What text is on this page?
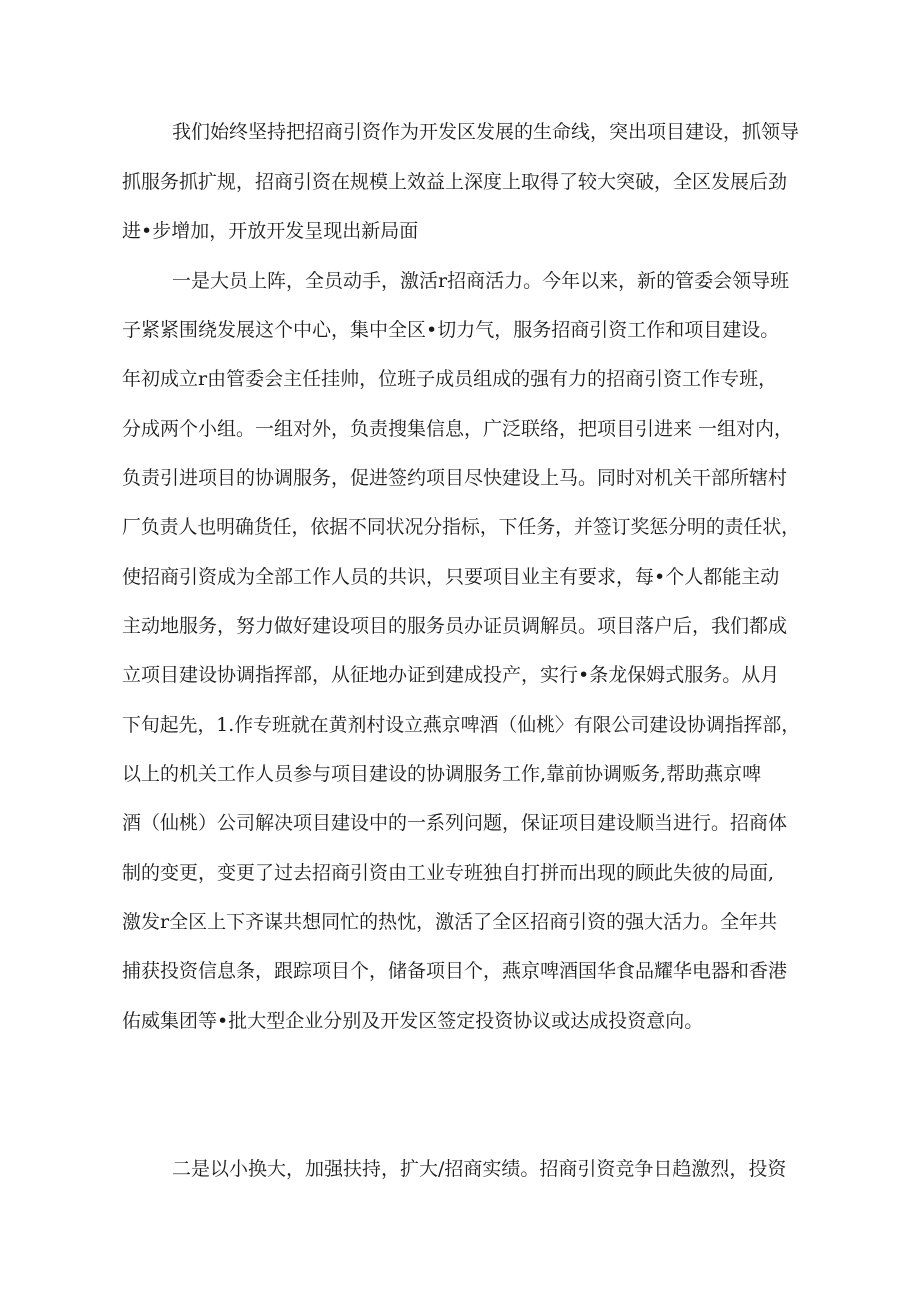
我们始终坚持把招商引资作为开发区发展的生命线，突出项目建设，抓领导
抓服务抓扩规，招商引资在规模上效益上深度上取得了较大突破，全区发展后劲
进•步增加，开放开发呈现出新局面
一是大员上阵，全员动手，激活r招商活力。今年以来，新的管委会领导班
子紧紧围绕发展这个中心，集中全区•切力气，服务招商引资工作和项目建设。
年初成立r由管委会主任挂帅，位班子成员组成的强有力的招商引资工作专班，
分成两个小组。一组对外，负责搜集信息，广泛联络，把项目引进来 一组对内，
负责引进项目的协调服务，促进签约项目尽快建设上马。同时对机关干部所辖村
厂负责人也明确货任，依据不同状况分指标，下任务，并签订奖惩分明的责任状，
使招商引资成为全部工作人员的共识，只要项目业主有要求，每•个人都能主动
主动地服务，努力做好建设项目的服务员办证员调解员。项目落户后，我们都成
立项目建设协调指挥部，从征地办证到建成投产，实行•条龙保姆式服务。从月
下旬起先，1.作专班就在黄剂村设立燕京啤酒（仙桃〉有限公司建设协调指挥部，
以上的机关工作人员参与项目建设的协调服务工作,靠前协调贩务,帮助燕京啤
酒（仙桃）公司解决项目建设中的一系列问题，保证项目建设顺当进行。招商体
制的变更，变更了过去招商引资由工业专班独自打拼而出现的顾此失彼的局面,
激发r全区上下齐谋共想同忙的热忱，激活了全区招商引资的强大活力。全年共
捕获投资信息条，跟踪项目个，储备项目个，燕京啤酒国华食品耀华电器和香港
佑威集团等•批大型企业分别及开发区签定投资协议或达成投资意向。
二是以小换大，加强扶持，扩大/招商实绩。招商引资竞争日趋激烈，投资
